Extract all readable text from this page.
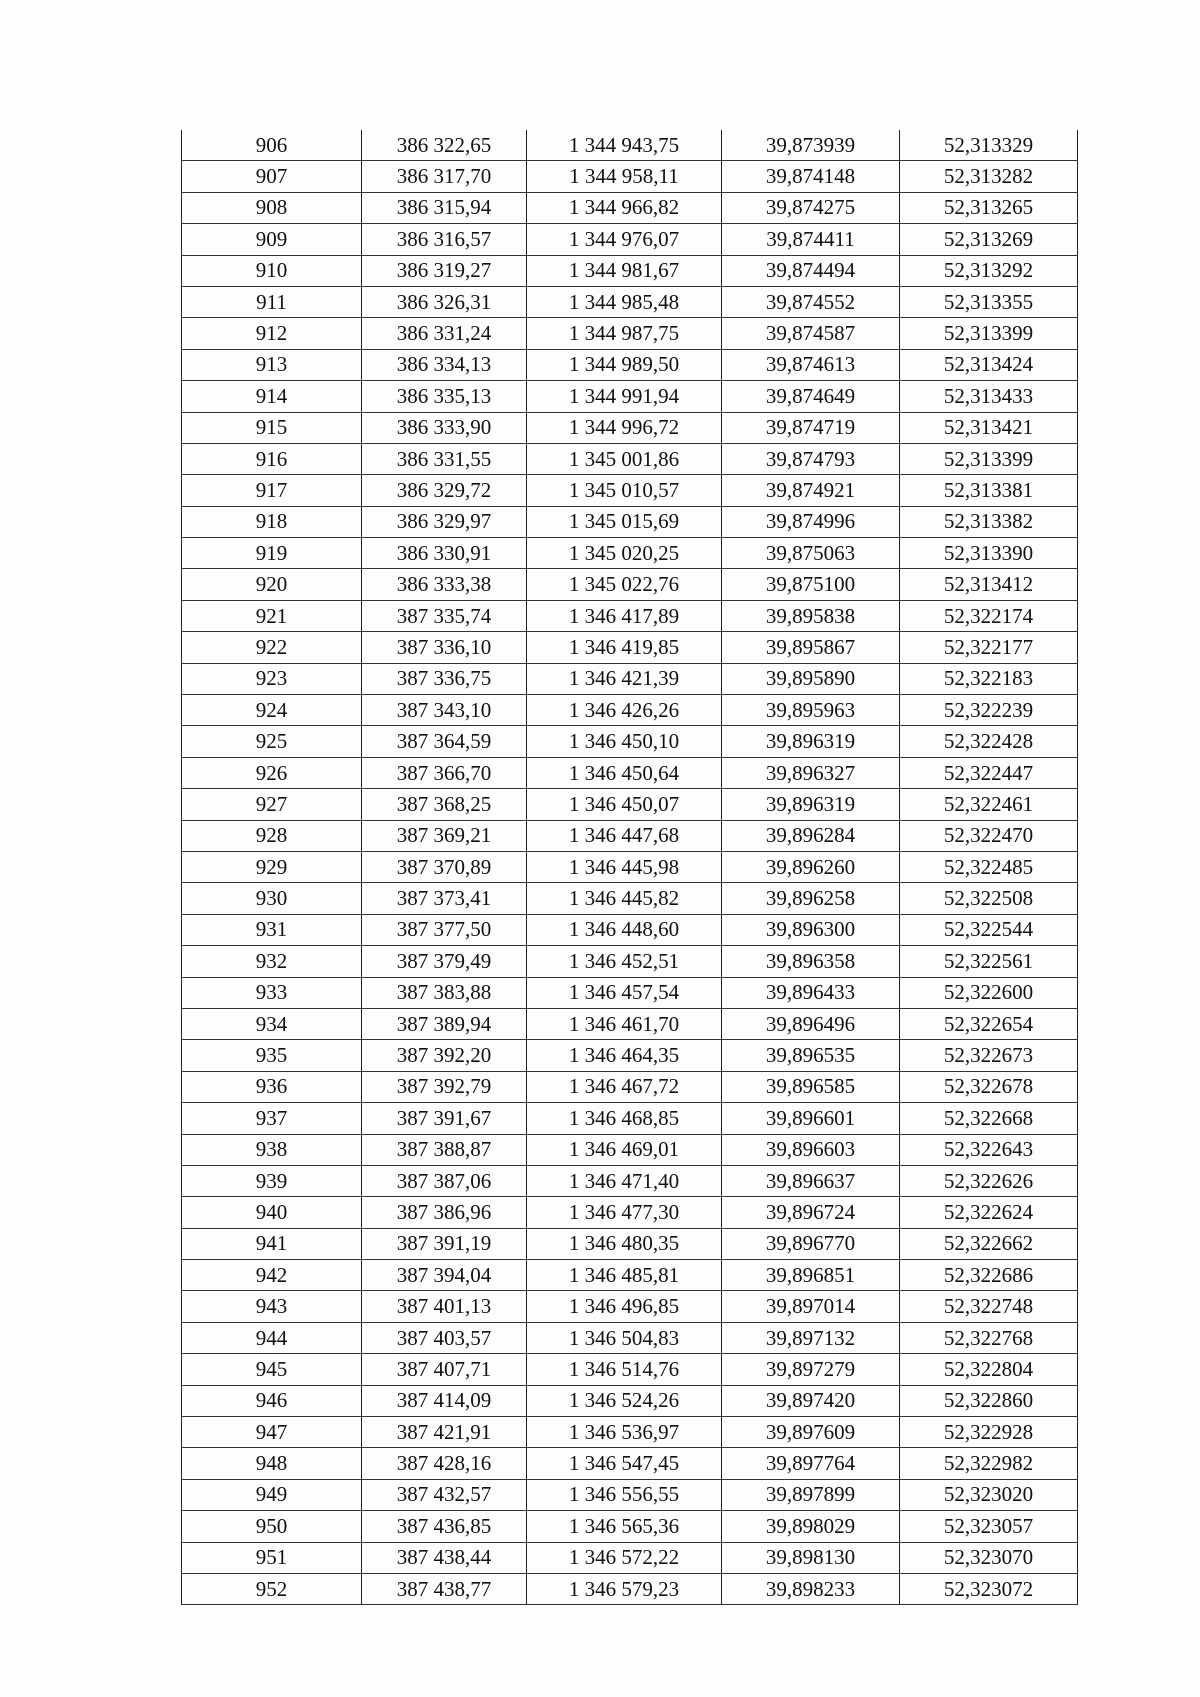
906	386 322,65	1 344 943,75	39,873939	52,313329
907	386 317,70	1 344 958,11	39,874148	52,313282
908	386 315,94	1 344 966,82	39,874275	52,313265
909	386 316,57	1 344 976,07	39,874411	52,313269
910	386 319,27	1 344 981,67	39,874494	52,313292
911	386 326,31	1 344 985,48	39,874552	52,313355
912	386 331,24	1 344 987,75	39,874587	52,313399
913	386 334,13	1 344 989,50	39,874613	52,313424
914	386 335,13	1 344 991,94	39,874649	52,313433
915	386 333,90	1 344 996,72	39,874719	52,313421
916	386 331,55	1 345 001,86	39,874793	52,313399
917	386 329,72	1 345 010,57	39,874921	52,313381
918	386 329,97	1 345 015,69	39,874996	52,313382
919	386 330,91	1 345 020,25	39,875063	52,313390
920	386 333,38	1 345 022,76	39,875100	52,313412
921	387 335,74	1 346 417,89	39,895838	52,322174
922	387 336,10	1 346 419,85	39,895867	52,322177
923	387 336,75	1 346 421,39	39,895890	52,322183
924	387 343,10	1 346 426,26	39,895963	52,322239
925	387 364,59	1 346 450,10	39,896319	52,322428
926	387 366,70	1 346 450,64	39,896327	52,322447
927	387 368,25	1 346 450,07	39,896319	52,322461
928	387 369,21	1 346 447,68	39,896284	52,322470
929	387 370,89	1 346 445,98	39,896260	52,322485
930	387 373,41	1 346 445,82	39,896258	52,322508
931	387 377,50	1 346 448,60	39,896300	52,322544
932	387 379,49	1 346 452,51	39,896358	52,322561
933	387 383,88	1 346 457,54	39,896433	52,322600
934	387 389,94	1 346 461,70	39,896496	52,322654
935	387 392,20	1 346 464,35	39,896535	52,322673
936	387 392,79	1 346 467,72	39,896585	52,322678
937	387 391,67	1 346 468,85	39,896601	52,322668
938	387 388,87	1 346 469,01	39,896603	52,322643
939	387 387,06	1 346 471,40	39,896637	52,322626
940	387 386,96	1 346 477,30	39,896724	52,322624
941	387 391,19	1 346 480,35	39,896770	52,322662
942	387 394,04	1 346 485,81	39,896851	52,322686
943	387 401,13	1 346 496,85	39,897014	52,322748
944	387 403,57	1 346 504,83	39,897132	52,322768
945	387 407,71	1 346 514,76	39,897279	52,322804
946	387 414,09	1 346 524,26	39,897420	52,322860
947	387 421,91	1 346 536,97	39,897609	52,322928
948	387 428,16	1 346 547,45	39,897764	52,322982
949	387 432,57	1 346 556,55	39,897899	52,323020
950	387 436,85	1 346 565,36	39,898029	52,323057
951	387 438,44	1 346 572,22	39,898130	52,323070
952	387 438,77	1 346 579,23	39,898233	52,323072
